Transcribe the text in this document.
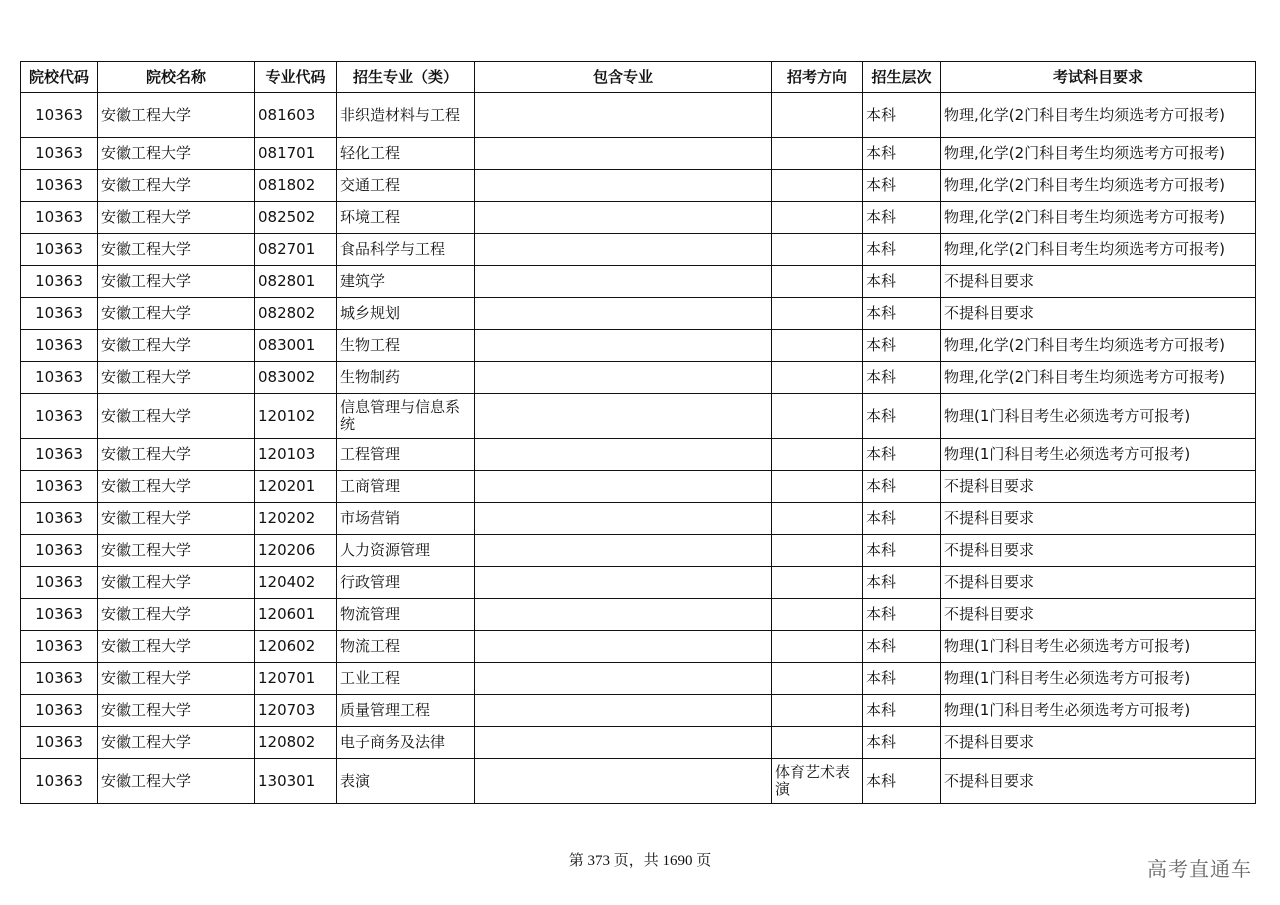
院校代码	院校名称	专业代码	招生专业（类）	包含专业	招考方向	招生层次	考试科目要求
10363	安徽工程大学	081603	非织造材料与工程			本科	物理,化学(2门科目考生均须选考方可报考)
10363	安徽工程大学	081701	轻化工程			本科	物理,化学(2门科目考生均须选考方可报考)
10363	安徽工程大学	081802	交通工程			本科	物理,化学(2门科目考生均须选考方可报考)
10363	安徽工程大学	082502	环境工程			本科	物理,化学(2门科目考生均须选考方可报考)
10363	安徽工程大学	082701	食品科学与工程			本科	物理,化学(2门科目考生均须选考方可报考)
10363	安徽工程大学	082801	建筑学			本科	不提科目要求
10363	安徽工程大学	082802	城乡规划			本科	不提科目要求
10363	安徽工程大学	083001	生物工程			本科	物理,化学(2门科目考生均须选考方可报考)
10363	安徽工程大学	083002	生物制药			本科	物理,化学(2门科目考生均须选考方可报考)
10363	安徽工程大学	120102	信息管理与信息系统			本科	物理(1门科目考生必须选考方可报考)
10363	安徽工程大学	120103	工程管理			本科	物理(1门科目考生必须选考方可报考)
10363	安徽工程大学	120201	工商管理			本科	不提科目要求
10363	安徽工程大学	120202	市场营销			本科	不提科目要求
10363	安徽工程大学	120206	人力资源管理			本科	不提科目要求
10363	安徽工程大学	120402	行政管理			本科	不提科目要求
10363	安徽工程大学	120601	物流管理			本科	不提科目要求
10363	安徽工程大学	120602	物流工程			本科	物理(1门科目考生必须选考方可报考)
10363	安徽工程大学	120701	工业工程			本科	物理(1门科目考生必须选考方可报考)
10363	安徽工程大学	120703	质量管理工程			本科	物理(1门科目考生必须选考方可报考)
10363	安徽工程大学	120802	电子商务及法律			本科	不提科目要求
10363	安徽工程大学	130301	表演		体育艺术表演	本科	不提科目要求
第 373 页，共 1690 页	高考直通车
